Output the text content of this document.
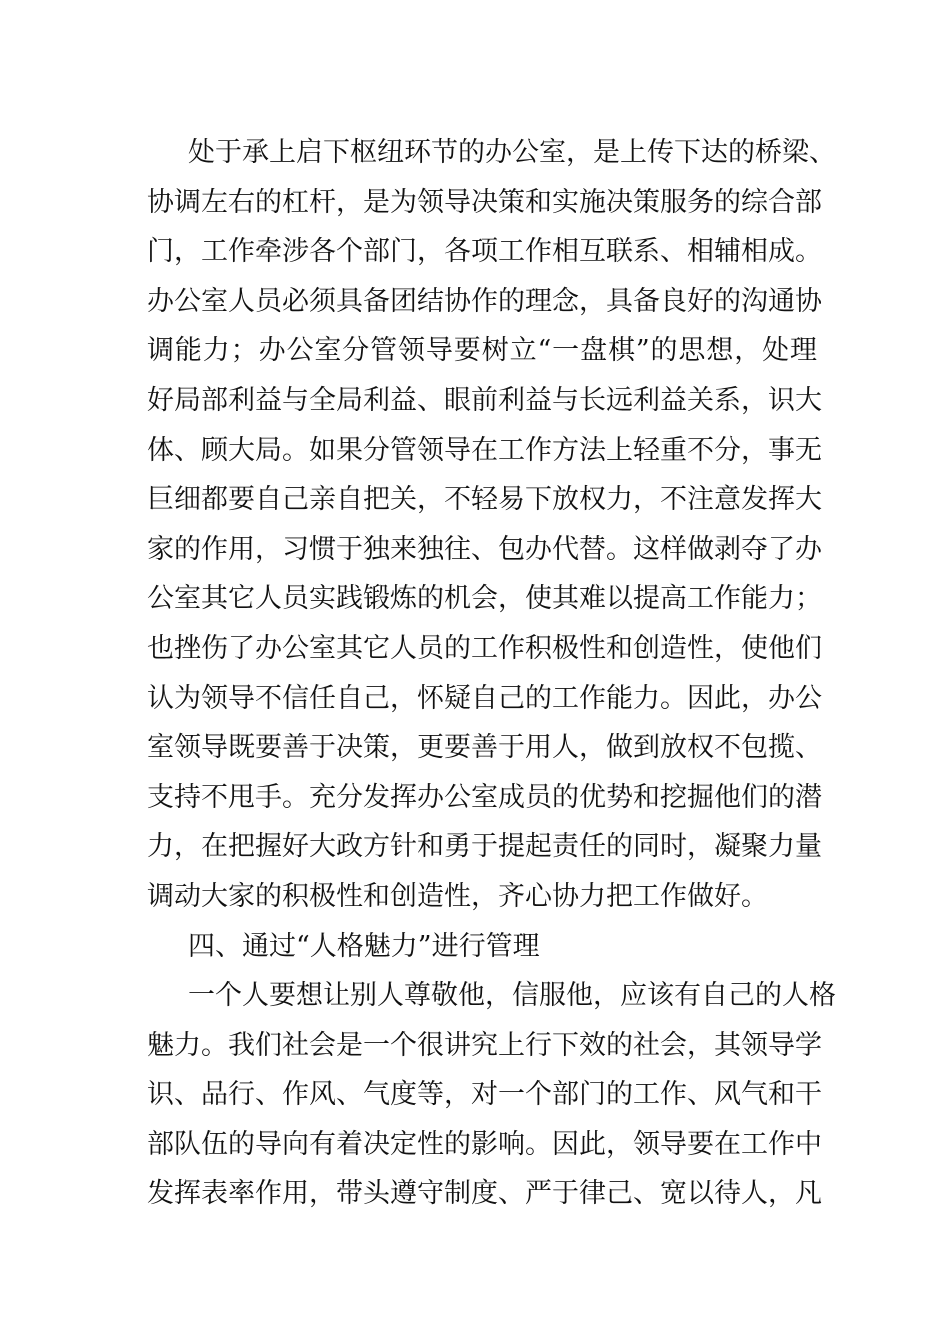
处于承上启下枢纽环节的办公室，是上传下达的桥梁、
协调左右的杠杆，是为领导决策和实施决策服务的综合部
门，工作牵涉各个部门，各项工作相互联系、相辅相成。
办公室人员必须具备团结协作的理念，具备良好的沟通协
调能力；办公室分管领导要树立“一盘棋”的思想，处理
好局部利益与全局利益、眼前利益与长远利益关系，识大
体、顾大局。如果分管领导在工作方法上轻重不分，事无
巨细都要自己亲自把关，不轻易下放权力，不注意发挥大
家的作用，习惯于独来独往、包办代替。这样做剥夺了办
公室其它人员实践锻炼的机会，使其难以提高工作能力；
也挫伤了办公室其它人员的工作积极性和创造性，使他们
认为领导不信任自己，怀疑自己的工作能力。因此，办公
室领导既要善于决策，更要善于用人，做到放权不包揽、
支持不甩手。充分发挥办公室成员的优势和挖掘他们的潜
力，在把握好大政方针和勇于提起责任的同时，凝聚力量
调动大家的积极性和创造性，齐心协力把工作做好。
四、通过“人格魅力”进行管理
一个人要想让别人尊敬他，信服他，应该有自己的人格
魅力。我们社会是一个很讲究上行下效的社会，其领导学
识、品行、作风、气度等，对一个部门的工作、风气和干
部队伍的导向有着决定性的影响。因此，领导要在工作中
发挥表率作用，带头遵守制度、严于律己、宽以待人，凡
